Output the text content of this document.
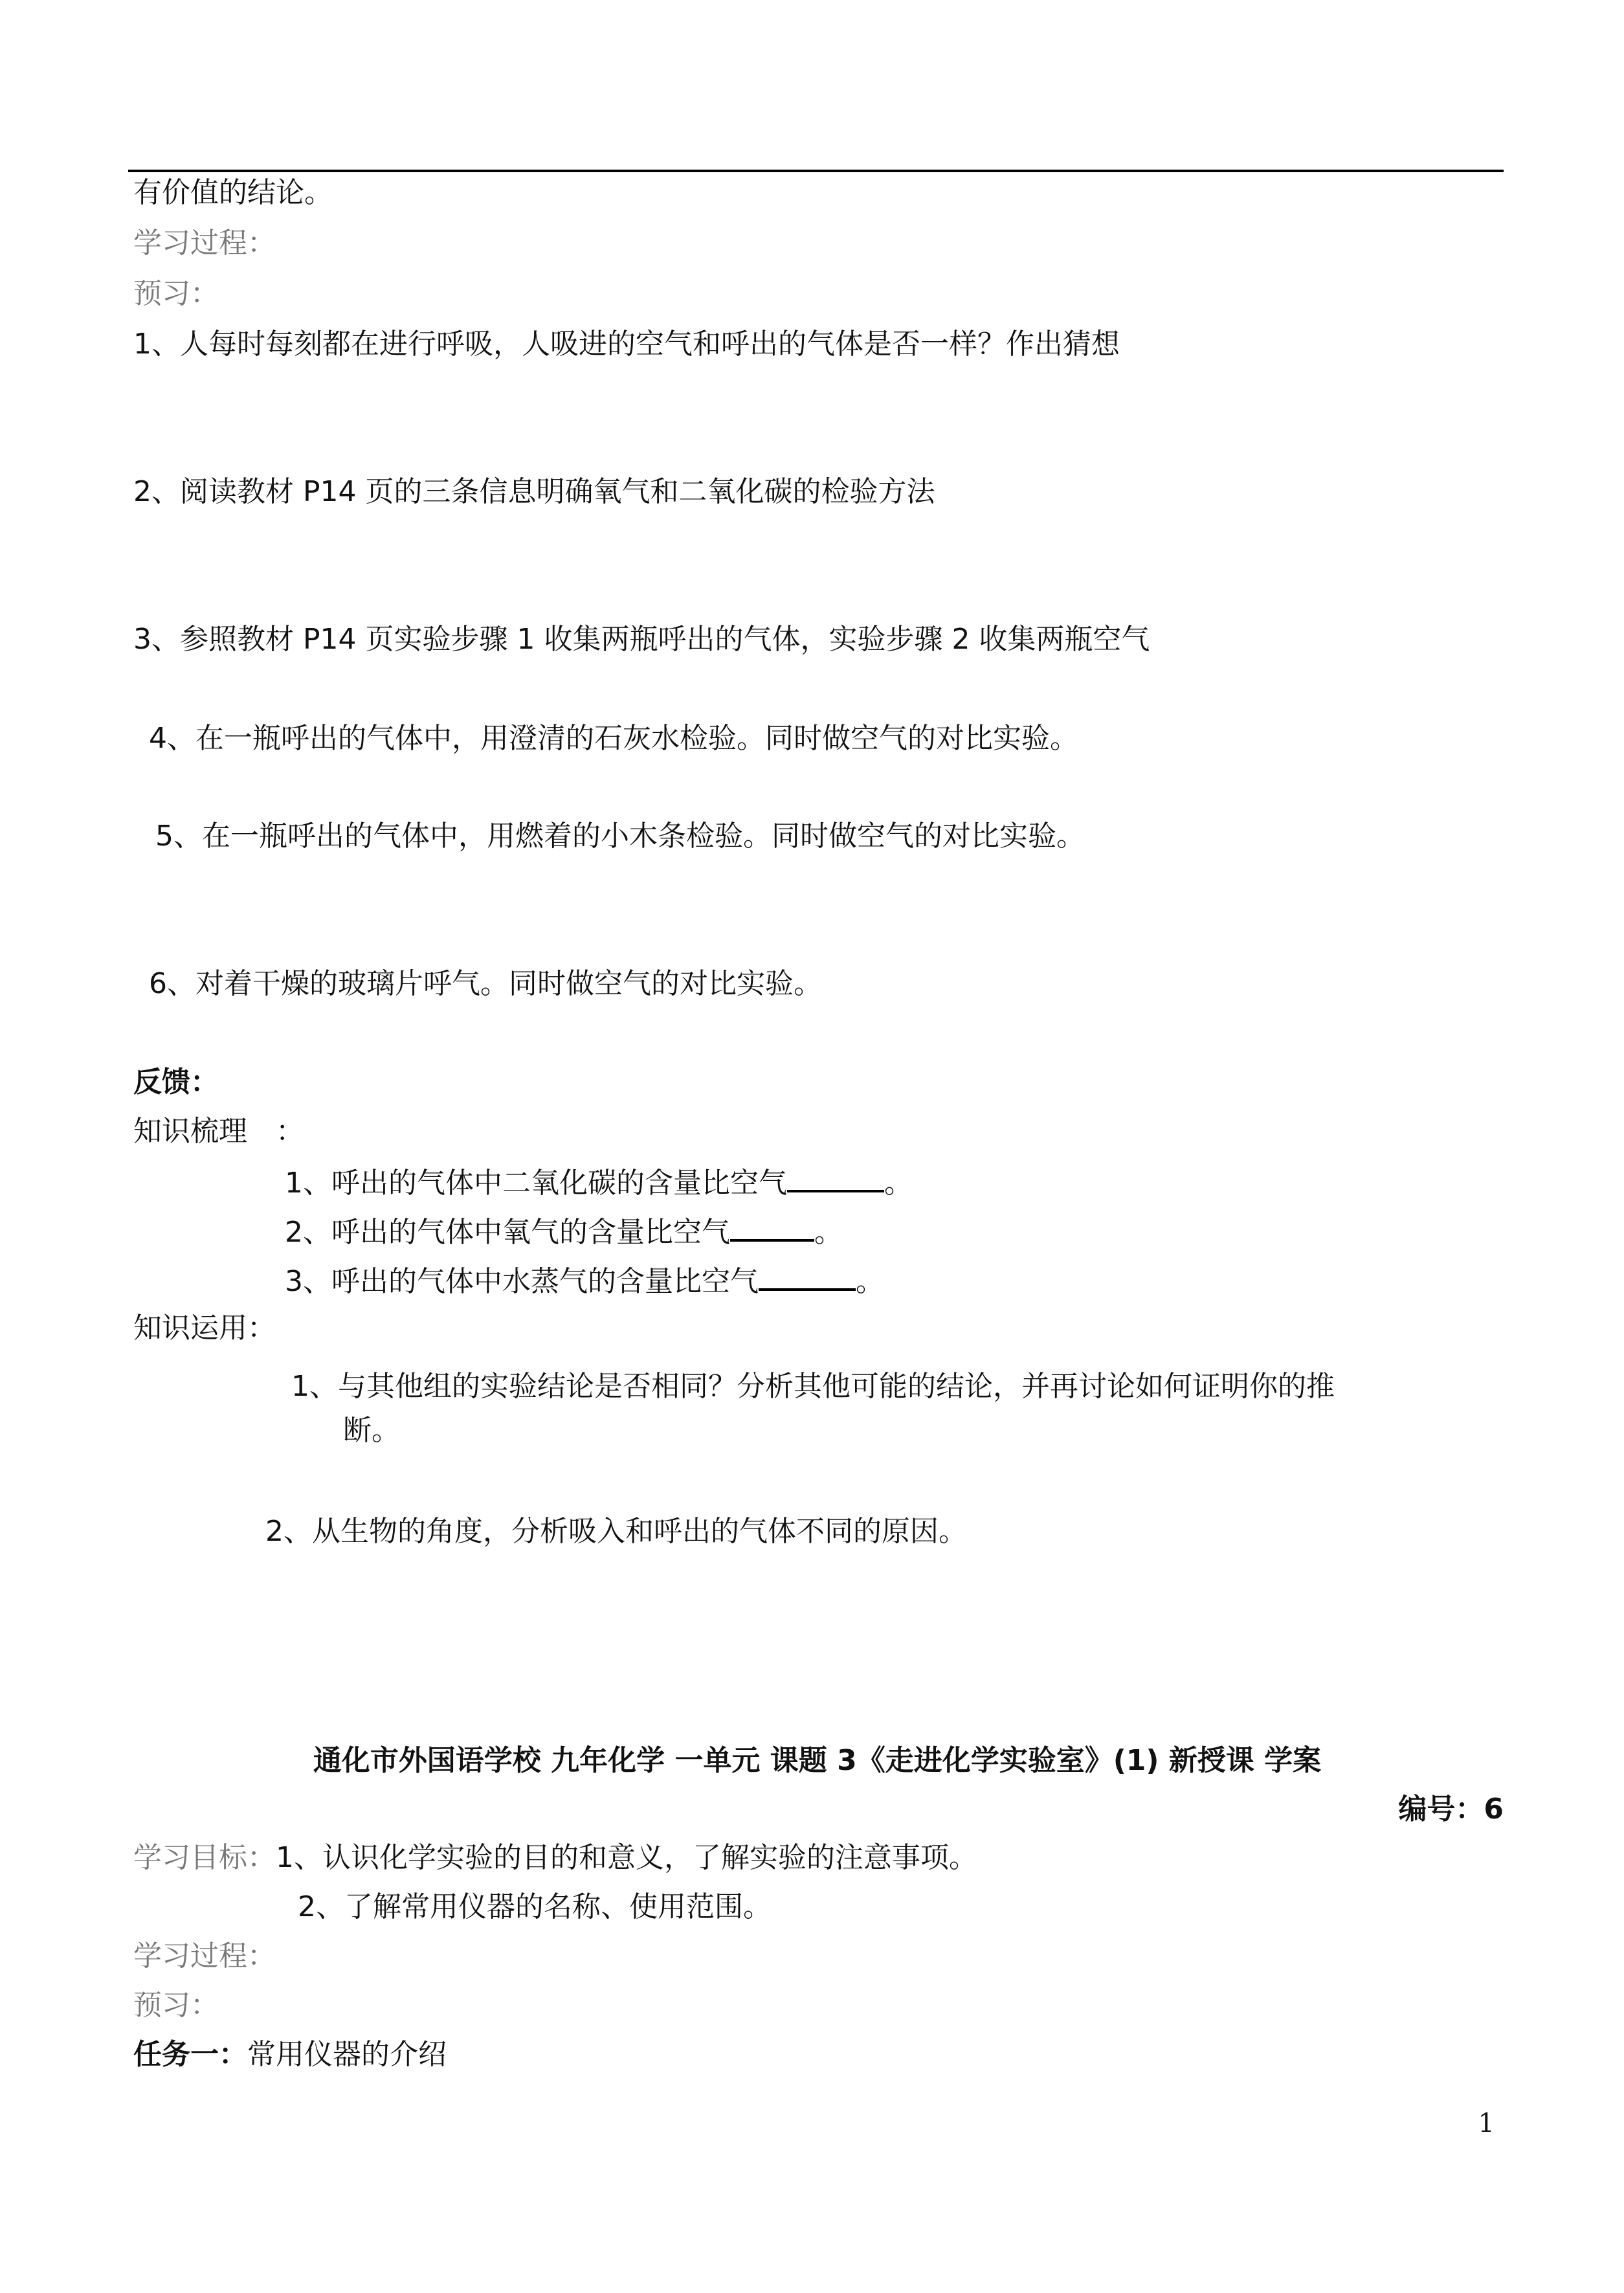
有价值的结论。
学习过程：
预习：
1、人每时每刻都在进行呼吸，人吸进的空气和呼出的气体是否一样？作出猜想
2、阅读教材 P14 页的三条信息明确氧气和二氧化碳的检验方法
3、参照教材 P14 页实验步骤 1 收集两瓶呼出的气体，实验步骤 2 收集两瓶空气
4、在一瓶呼出的气体中，用澄清的石灰水检验。同时做空气的对比实验。
5、在一瓶呼出的气体中，用燃着的小木条检验。同时做空气的对比实验。
6、对着干燥的玻璃片呼气。同时做空气的对比实验。
反馈：
知识梳理　：
1、呼出的气体中二氧化碳的含量比空气	。
2、呼出的气体中氧气的含量比空气	。
3、呼出的气体中水蒸气的含量比空气	。
知识运用：
1、与其他组的实验结论是否相同？分析其他可能的结论，并再讨论如何证明你的推
断。
2、从生物的角度，分析吸入和呼出的气体不同的原因。
通化市外国语学校 九年化学 一单元 课题 3《走进化学实验室》(1) 新授课 学案
编号：6
学习目标：1、认识化学实验的目的和意义，了解实验的注意事项。
2、了解常用仪器的名称、使用范围。
学习过程：
预习：
任务一：常用仪器的介绍
1
